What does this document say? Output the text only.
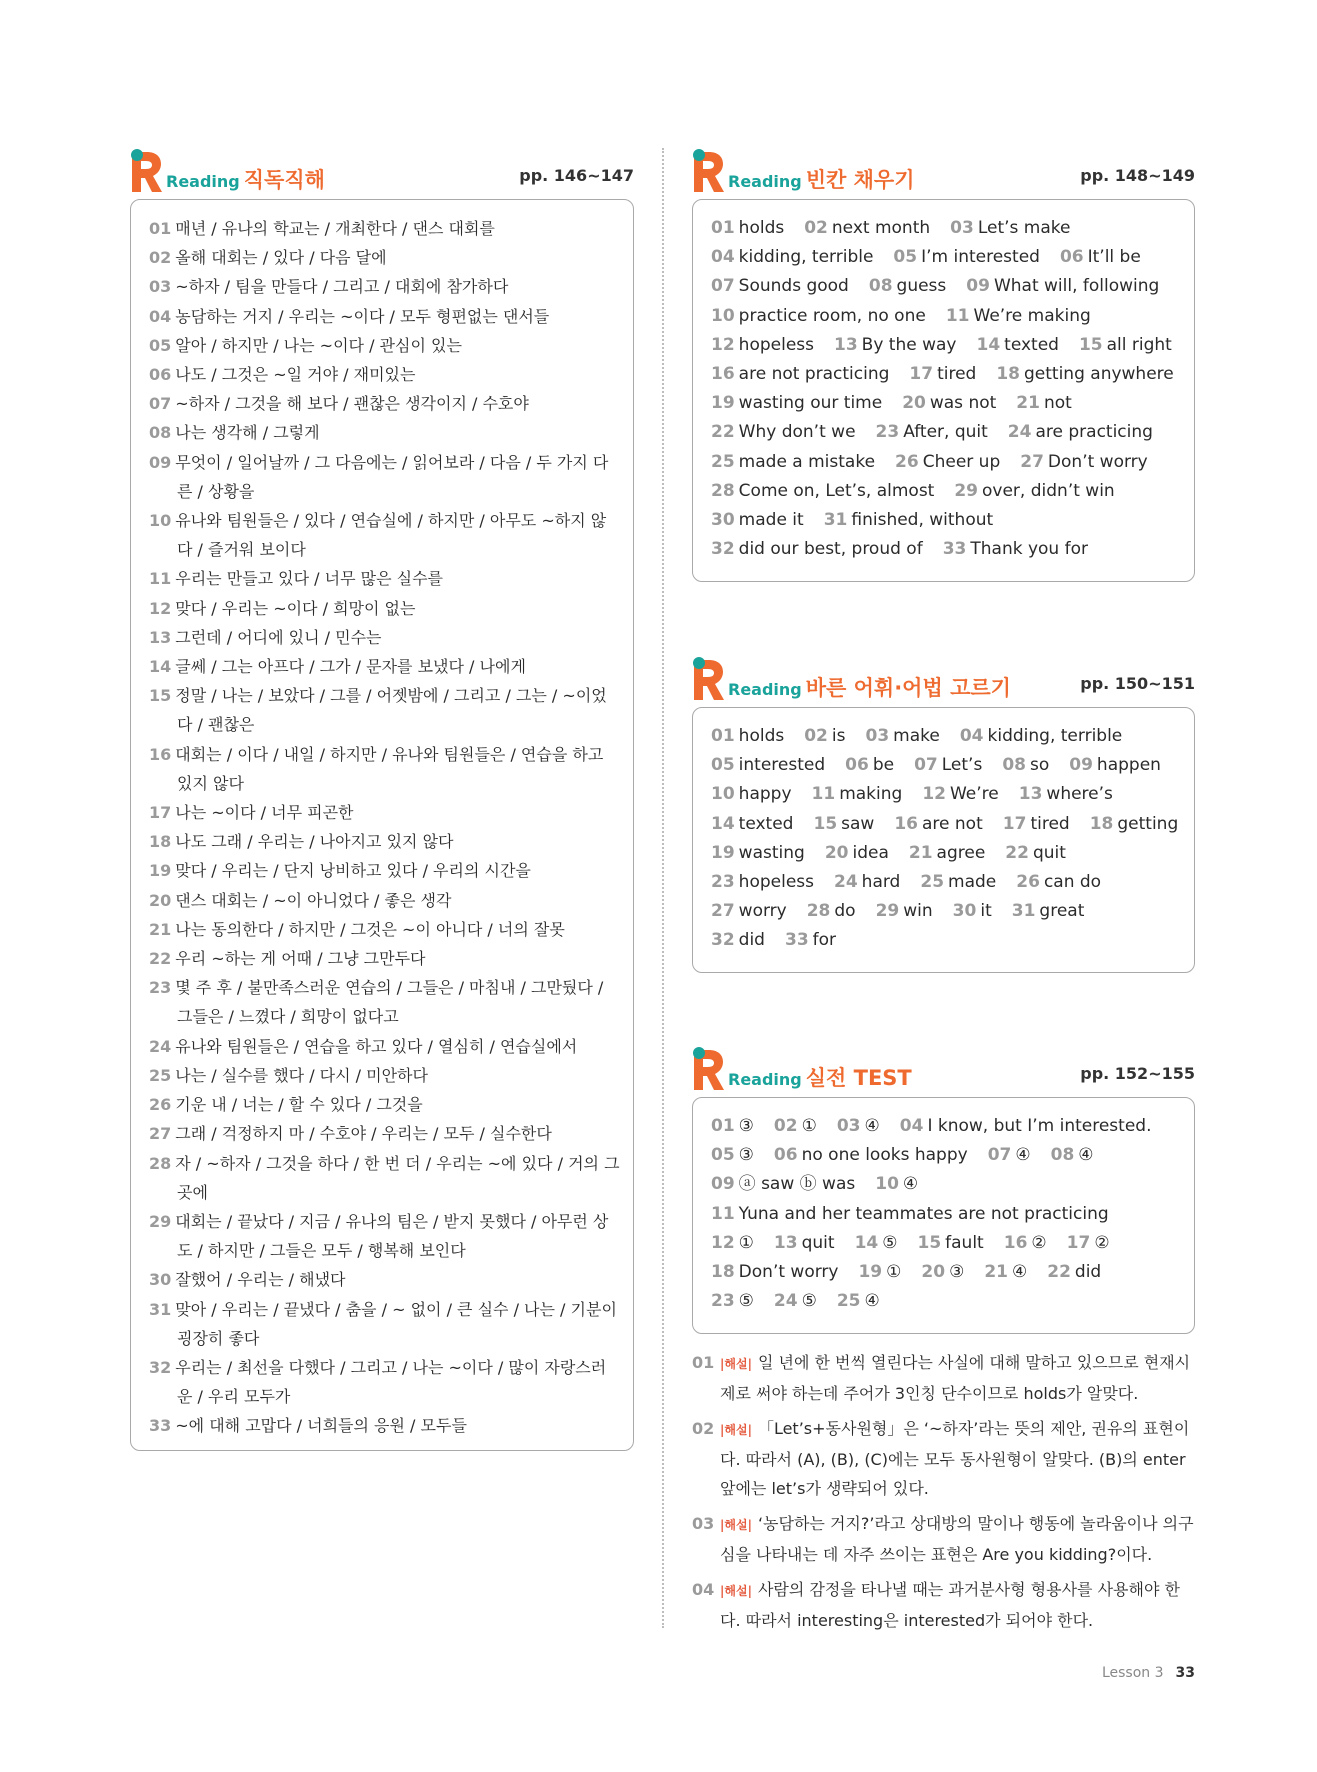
Reading 직독직해	pp. 146~147
01 매년 / 유나의 학교는 / 개최한다 / 댄스 대회를
02 올해 대회는 / 있다 / 다음 달에
03 ~하자 / 팀을 만들다 / 그리고 / 대회에 참가하다
04 농담하는 거지 / 우리는 ~이다 / 모두 형편없는 댄서들
05 알아 / 하지만 / 나는 ~이다 / 관심이 있는
06 나도 / 그것은 ~일 거야 / 재미있는
07 ~하자 / 그것을 해 보다 / 괜찮은 생각이지 / 수호야
08 나는 생각해 / 그렇게
09 무엇이 / 일어날까 / 그 다음에는 / 읽어보라 / 다음 / 두 가지 다른 / 상황을
10 유나와 팀원들은 / 있다 / 연습실에 / 하지만 / 아무도 ~하지 않다 / 즐거워 보이다
11 우리는 만들고 있다 / 너무 많은 실수를
12 맞다 / 우리는 ~이다 / 희망이 없는
13 그런데 / 어디에 있니 / 민수는
14 글쎄 / 그는 아프다 / 그가 / 문자를 보냈다 / 나에게
15 정말 / 나는 / 보았다 / 그를 / 어젯밤에 / 그리고 / 그는 / ~이었다 / 괜찮은
16 대회는 / 이다 / 내일 / 하지만 / 유나와 팀원들은 / 연습을 하고 있지 않다
17 나는 ~이다 / 너무 피곤한
18 나도 그래 / 우리는 / 나아지고 있지 않다
19 맞다 / 우리는 / 단지 낭비하고 있다 / 우리의 시간을
20 댄스 대회는 / ~이 아니었다 / 좋은 생각
21 나는 동의한다 / 하지만 / 그것은 ~이 아니다 / 너의 잘못
22 우리 ~하는 게 어때 / 그냥 그만두다
23 몇 주 후 / 불만족스러운 연습의 / 그들은 / 마침내 / 그만뒀다 / 그들은 / 느꼈다 / 희망이 없다고
24 유나와 팀원들은 / 연습을 하고 있다 / 열심히 / 연습실에서
25 나는 / 실수를 했다 / 다시 / 미안하다
26 기운 내 / 너는 / 할 수 있다 / 그것을
27 그래 / 걱정하지 마 / 수호야 / 우리는 / 모두 / 실수한다
28 자 / ~하자 / 그것을 하다 / 한 번 더 / 우리는 ~에 있다 / 거의 그곳에
29 대회는 / 끝났다 / 지금 / 유나의 팀은 / 받지 못했다 / 아무런 상도 / 하지만 / 그들은 모두 / 행복해 보인다
30 잘했어 / 우리는 / 해냈다
31 맞아 / 우리는 / 끝냈다 / 춤을 / ~ 없이 / 큰 실수 / 나는 / 기분이 굉장히 좋다
32 우리는 / 최선을 다했다 / 그리고 / 나는 ~이다 / 많이 자랑스러운 / 우리 모두가
33 ~에 대해 고맙다 / 너희들의 응원 / 모두들
Reading 빈칸 채우기	pp. 148~149
01 holds 02 next month 03 Let’s make
04 kidding, terrible 05 I’m interested 06 It’ll be
07 Sounds good 08 guess 09 What will, following
10 practice room, no one 11 We’re making
12 hopeless 13 By the way 14 texted 15 all right
16 are not practicing 17 tired 18 getting anywhere
19 wasting our time 20 was not 21 not
22 Why don’t we 23 After, quit 24 are practicing
25 made a mistake 26 Cheer up 27 Don’t worry
28 Come on, Let’s, almost 29 over, didn’t win
30 made it 31 finished, without
32 did our best, proud of 33 Thank you for
Reading 바른 어휘·어법 고르기	pp. 150~151
01 holds 02 is 03 make 04 kidding, terrible
05 interested 06 be 07 Let’s 08 so 09 happen
10 happy 11 making 12 We’re 13 where’s
14 texted 15 saw 16 are not 17 tired 18 getting
19 wasting 20 idea 21 agree 22 quit
23 hopeless 24 hard 25 made 26 can do
27 worry 28 do 29 win 30 it 31 great
32 did 33 for
Reading 실전 TEST	pp. 152~155
01 ③ 02 ① 03 ④ 04 I know, but I’m interested.
05 ③ 06 no one looks happy 07 ④ 08 ④
09 ⓐ saw ⓑ was 10 ④
11 Yuna and her teammates are not practicing
12 ① 13 quit 14 ⑤ 15 fault 16 ② 17 ②
18 Don’t worry 19 ① 20 ③ 21 ④ 22 did
23 ⑤ 24 ⑤ 25 ④
01 |해설| 일 년에 한 번씩 열린다는 사실에 대해 말하고 있으므로 현재시제로 써야 하는데 주어가 3인칭 단수이므로 holds가 알맞다.
02 |해설| 「Let’s+동사원형」은 ‘~하자’라는 뜻의 제안, 권유의 표현이다. 따라서 (A), (B), (C)에는 모두 동사원형이 알맞다. (B)의 enter 앞에는 let’s가 생략되어 있다.
03 |해설| ‘농담하는 거지?’라고 상대방의 말이나 행동에 놀라움이나 의구심을 나타내는 데 자주 쓰이는 표현은 Are you kidding?이다.
04 |해설| 사람의 감정을 타나낼 때는 과거분사형 형용사를 사용해야 한다. 따라서 interesting은 interested가 되어야 한다.
Lesson 3 33
